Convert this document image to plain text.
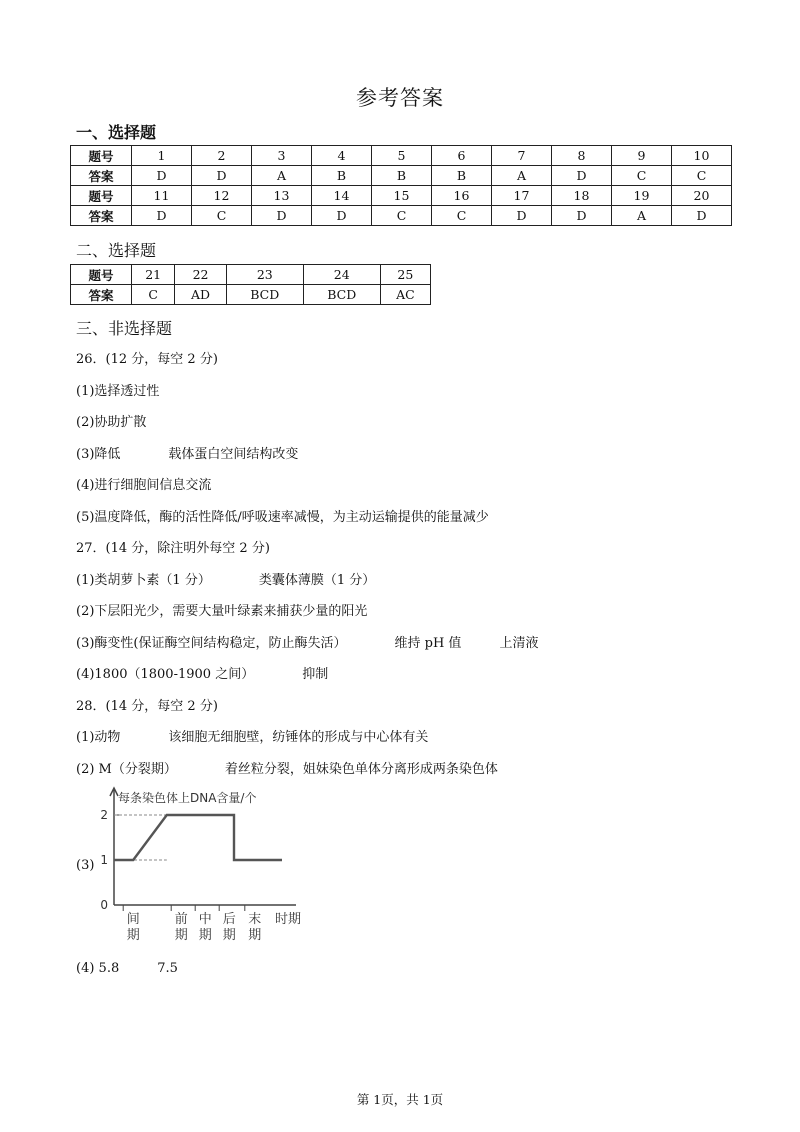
参考答案
一、选择题
题号	1	2	3	4	5	6	7	8	9	10
答案	D	D	A	B	B	B	A	D	C	C
题号	11	12	13	14	15	16	17	18	19	20
答案	D	C	D	D	C	C	D	D	A	D
二、选择题
题号	21	22	23	24	25
答案	C	AD	BCD	BCD	AC
三、非选择题
26．(12 分，每空 2 分)
(1)选择透过性
(2)协助扩散
(3)降低	载体蛋白空间结构改变
(4)进行细胞间信息交流
(5)温度降低，酶的活性降低/呼吸速率减慢，为主动运输提供的能量减少
27．(14 分，除注明外每空 2 分)
(1)类胡萝卜素（1 分）	类囊体薄膜（1 分）
(2)下层阳光少，需要大量叶绿素来捕获少量的阳光
(3)酶变性(保证酶空间结构稳定，防止酶失活）	维持 pH 值	上清液
(4)1800（1800-1900 之间）	抑制
28．(14 分，每空 2 分)
(1)动物	该细胞无细胞壁，纺锤体的形成与中心体有关
(2) M（分裂期）	着丝粒分裂，姐妹染色单体分离形成两条染色体
(3)
每条染色体上DNA含量/个
0
1
2
间
期
前
期
中
期
后
期
末
期
时期
(4) 5.8	7.5
第 1页，共 1页
